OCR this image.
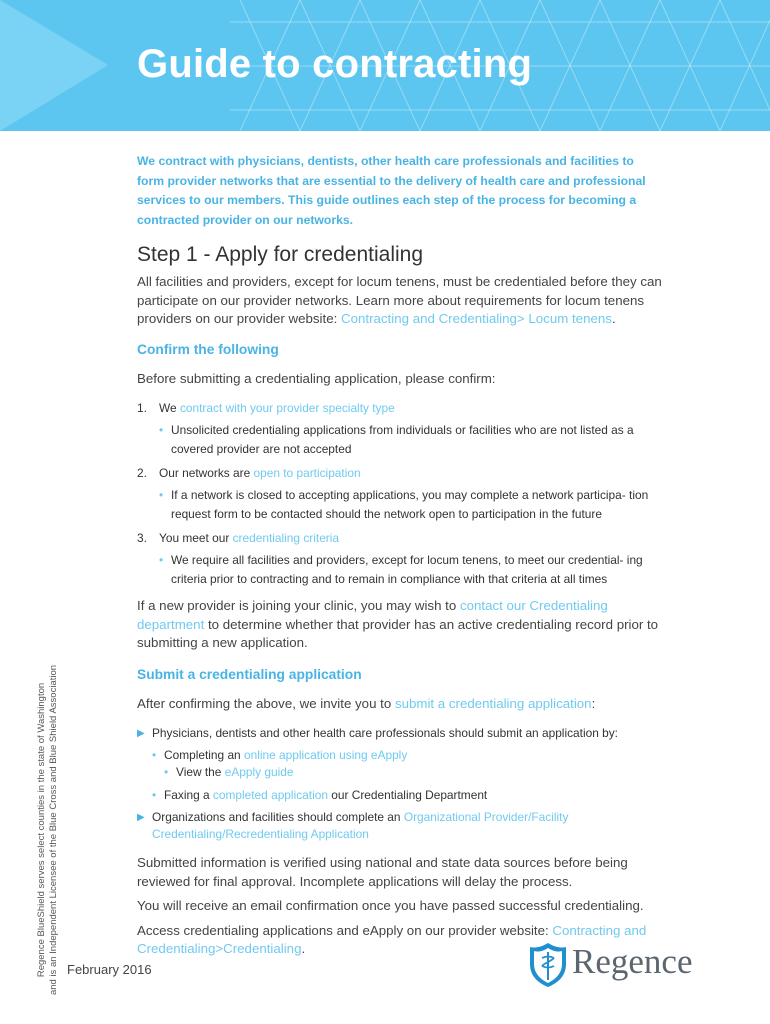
Guide to contracting

We contract with physicians, dentists, other health care professionals and facilities to form provider networks that are essential to the delivery of health care and professional services to our members. This guide outlines each step of the process for becoming a contracted provider on our networks.

Step 1 - Apply for credentialing

All facilities and providers, except for locum tenens, must be credentialed before they can participate on our provider networks. Learn more about requirements for locum tenens providers on our provider website: Contracting and Credentialing> Locum tenens.

Confirm the following

Before submitting a credentialing application, please confirm:

1. We contract with your provider specialty type
• Unsolicited credentialing applications from individuals or facilities who are not listed as a covered provider are not accepted
2. Our networks are open to participation
• If a network is closed to accepting applications, you may complete a network participa- tion request form to be contacted should the network open to participation in the future
3. You meet our credentialing criteria
• We require all facilities and providers, except for locum tenens, to meet our credential- ing criteria prior to contracting and to remain in compliance with that criteria at all times

If a new provider is joining your clinic, you may wish to contact our Credentialing department to determine whether that provider has an active credentialing record prior to submitting a new application.

Submit a credentialing application

After confirming the above, we invite you to submit a credentialing application:

▶ Physicians, dentists and other health care professionals should submit an application by:
• Completing an online application using eApply
• View the eApply guide
• Faxing a completed application our Credentialing Department
▶ Organizations and facilities should complete an Organizational Provider/Facility Credentialing/Recredentialing Application

Submitted information is verified using national and state data sources before being reviewed for final approval. Incomplete applications will delay the process.

You will receive an email confirmation once you have passed successful credentialing.

Access credentialing applications and eApply on our provider website: Contracting and Credentialing>Credentialing.

Regence BlueShield serves select counties in the state of Washington and is an Independent Licensee of the Blue Cross and Blue Shield Association February 2016	Regence
